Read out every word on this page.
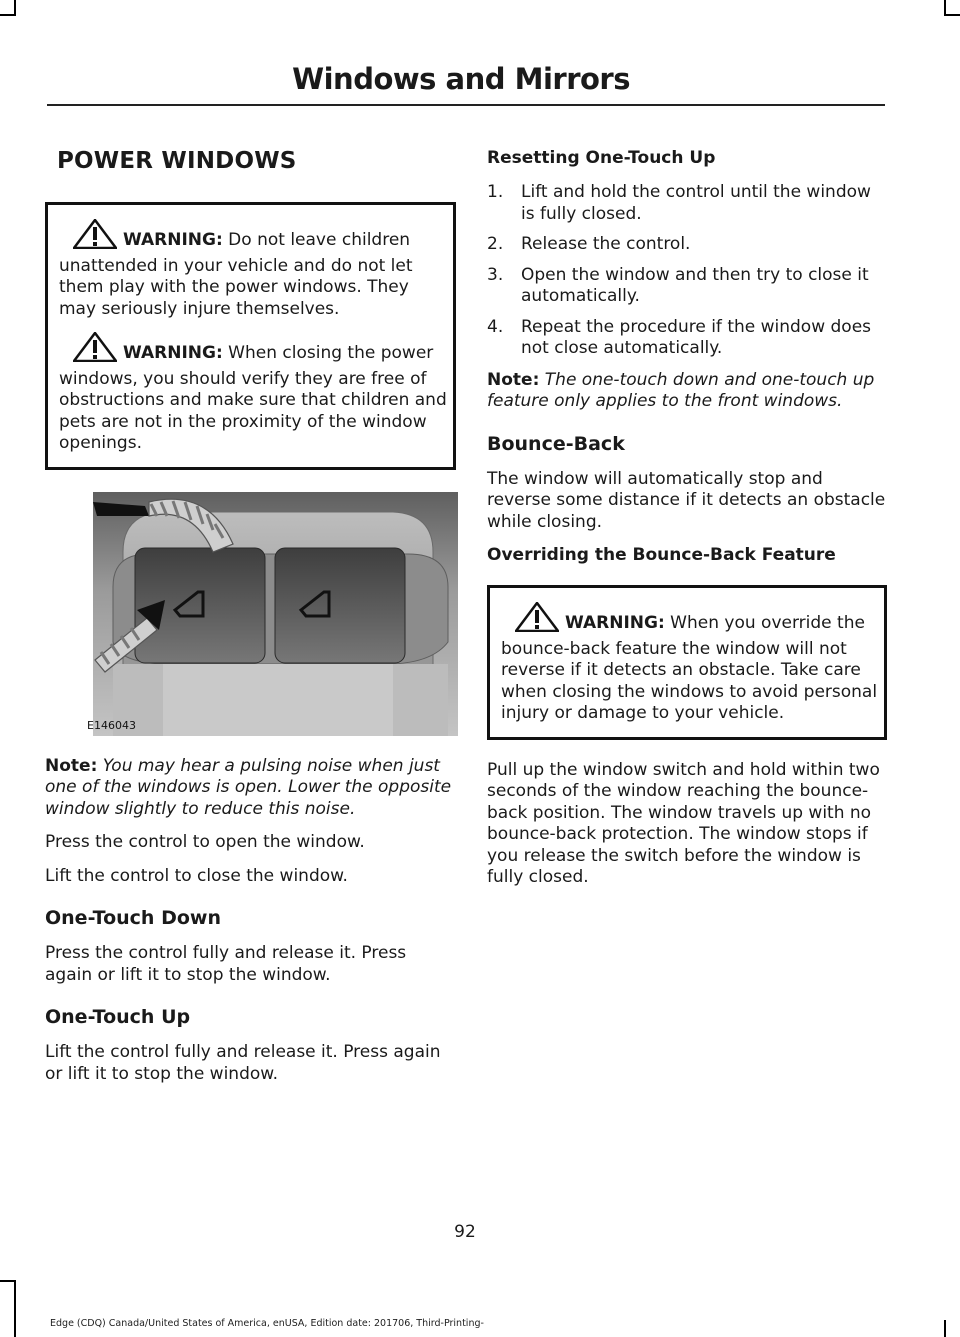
Windows and Mirrors
POWER WINDOWS
WARNING: Do not leave children unattended in your vehicle and do not let them play with the power windows. They may seriously injure themselves.
WARNING: When closing the power windows, you should verify they are free of obstructions and make sure that children and pets are not in the proximity of the window openings.
E146043

Note: You may hear a pulsing noise when just one of the windows is open. Lower the opposite window slightly to reduce this noise.

Press the control to open the window.

Lift the control to close the window.

One-Touch Down

Press the control fully and release it. Press again or lift it to stop the window.

One-Touch Up

Lift the control fully and release it. Press again or lift it to stop the window.

Resetting One-Touch Up
1. Lift and hold the control until the window is fully closed.
2. Release the control.
3. Open the window and then try to close it automatically.
4. Repeat the procedure if the window does not close automatically.

Note: The one-touch down and one-touch up feature only applies to the front windows.

Bounce-Back

The window will automatically stop and reverse some distance if it detects an obstacle while closing.

Overriding the Bounce-Back Feature
WARNING: When you override the bounce-back feature the window will not reverse if it detects an obstacle. Take care when closing the windows to avoid personal injury or damage to your vehicle.

Pull up the window switch and hold within two seconds of the window reaching the bounce-back position. The window travels up with no bounce-back protection. The window stops if you release the switch before the window is fully closed.

92
Edge (CDQ) Canada/United States of America, enUSA, Edition date: 201706, Third-Printing-
